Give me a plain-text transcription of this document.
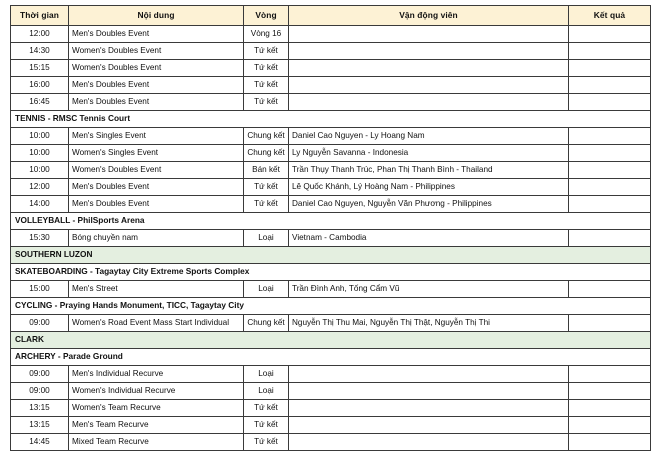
Thời gian	Nội dung	Vòng	Vận động viên	Kết quả
12:00	Men's Doubles Event	Vòng 16		
14:30	Women's Doubles Event	Tứ kết		
15:15	Women's Doubles Event	Tứ kết		
16:00	Men's Doubles Event	Tứ kết		
16:45	Men's Doubles Event	Tứ kết		
TENNIS - RMSC Tennis Court				
10:00	Men's Singles Event	Chung kết	Daniel Cao Nguyen - Ly Hoang Nam	
10:00	Women's Singles Event	Chung kết	Ly Nguyễn Savanna - Indonesia	
10:00	Women's Doubles Event	Bán kết	Trần Thụy Thanh Trúc, Phan Thị Thanh Bình - Thailand	
12:00	Men's Doubles Event	Tứ kết	Lê Quốc Khánh, Lý Hoàng Nam - Philippines	
14:00	Men's Doubles Event	Tứ kết	Daniel Cao Nguyen, Nguyễn Văn Phương - Philippines	
VOLLEYBALL - PhilSports Arena				
15:30	Bóng chuyền nam	Loại	Vietnam - Cambodia	
SOUTHERN LUZON				
SKATEBOARDING - Tagaytay City Extreme Sports Complex				
15:00	Men's Street	Loại	Trần Đình Anh, Tống Cẩm Vũ	
CYCLING - Praying Hands Monument, TICC, Tagaytay City				
09:00	Women's Road Event Mass Start Individual	Chung kết	Nguyễn Thị Thu Mai, Nguyễn Thị Thật, Nguyễn Thị Thi	
CLARK				
ARCHERY - Parade Ground				
09:00	Men's Individual Recurve	Loại		
09:00	Women's Individual Recurve	Loại		
13:15	Women's Team Recurve	Tứ kết		
13:15	Men's Team Recurve	Tứ kết		
14:45	Mixed Team Recurve	Tứ kết		
